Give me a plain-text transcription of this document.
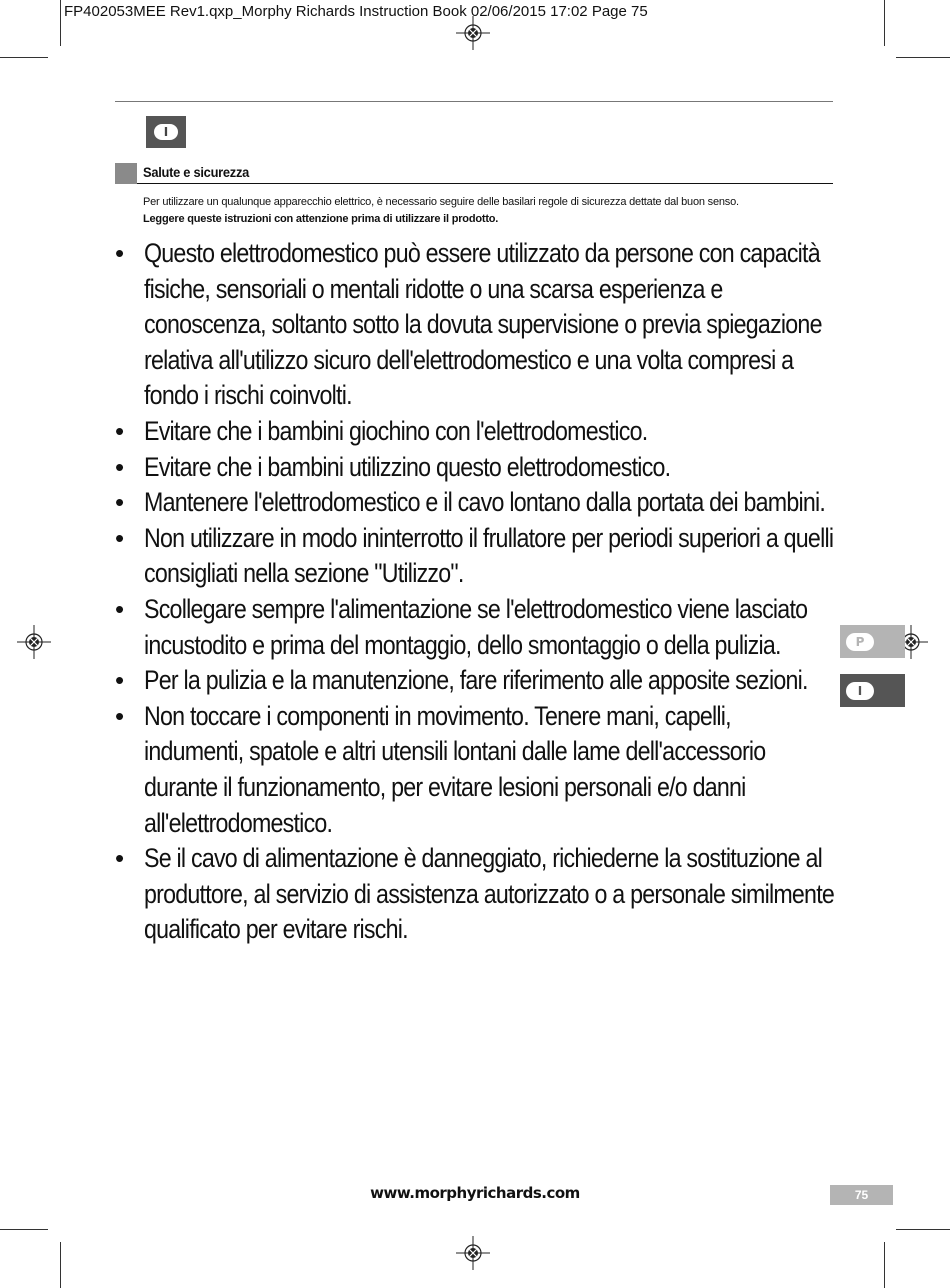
FP402053MEE Rev1.qxp_Morphy Richards Instruction Book 02/06/2015 17:02 Page 75
I
Salute e sicurezza
Per utilizzare un qualunque apparecchio elettrico, è necessario seguire delle basilari regole di sicurezza dettate dal buon senso.
Leggere queste istruzioni con attenzione prima di utilizzare il prodotto.
• Questo elettrodomestico può essere utilizzato da persone con capacità fisiche, sensoriali o mentali ridotte o una scarsa esperienza e conoscenza, soltanto sotto la dovuta supervisione o previa spiegazione relativa all'utilizzo sicuro dell'elettrodomestico e una volta compresi a fondo i rischi coinvolti.
• Evitare che i bambini giochino con l'elettrodomestico.
• Evitare che i bambini utilizzino questo elettrodomestico.
• Mantenere l'elettrodomestico e il cavo lontano dalla portata dei bambini.
• Non utilizzare in modo ininterrotto il frullatore per periodi superiori a quelli consigliati nella sezione "Utilizzo".
• Scollegare sempre l'alimentazione se l'elettrodomestico viene lasciato incustodito e prima del montaggio, dello smontaggio o della pulizia.
• Per la pulizia e la manutenzione, fare riferimento alle apposite sezioni.
• Non toccare i componenti in movimento. Tenere mani, capelli, indumenti, spatole e altri utensili lontani dalle lame dell'accessorio durante il funzionamento, per evitare lesioni personali e/o danni all'elettrodomestico.
• Se il cavo di alimentazione è danneggiato, richiederne la sostituzione al produttore, al servizio di assistenza autorizzato o a personale similmente qualificato per evitare rischi.
P
I
www.morphyrichards.com	75
